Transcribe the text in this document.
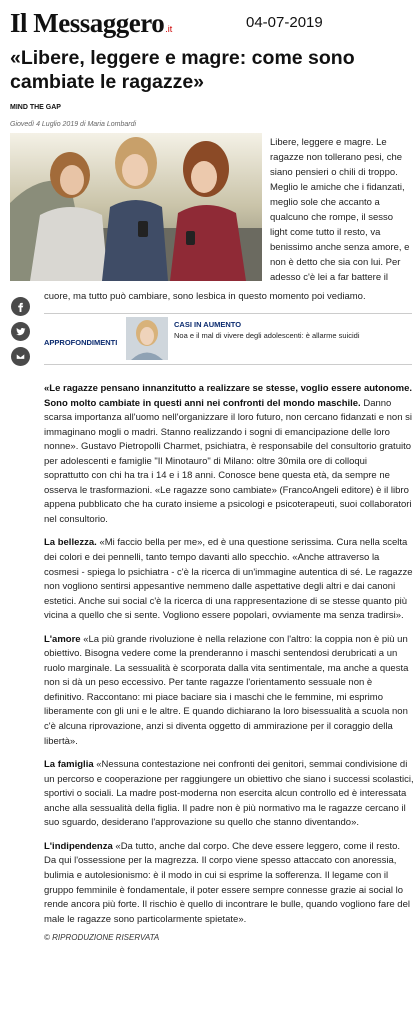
Il Messaggero .it	04-07-2019
«Libere, leggere e magre: come sono cambiate le ragazze»
MIND THE GAP
Giovedì 4 Luglio 2019 di Maria Lombardi

Libere, leggere e magre. Le ragazze non tollerano pesi, che siano pensieri o chili di troppo. Meglio le amiche che i fidanzati, meglio sole che accanto a qualcuno che rompe, il sesso light come tutto il resto, va benissimo anche senza amore, e non è detto che sia con lui. Per adesso c'è lei a far battere il

cuore, ma tutto può cambiare, sono lesbica in questo momento poi vediamo.

APPROFONDIMENTI
CASI IN AUMENTO
Noa e il mal di vivere degli adolescenti: è allarme suicidi

«Le ragazze pensano innanzitutto a realizzare se stesse, voglio essere autonome. Sono molto cambiate in questi anni nei confronti del mondo maschile. Danno scarsa importanza all'uomo nell'organizzare il loro futuro, non cercano fidanzati e non si immaginano mogli o madri. Stanno realizzando i sogni di emancipazione delle loro nonne». Gustavo Pietropolli Charmet, psichiatra, è responsabile del consultorio gratuito per adolescenti e famiglie "Il Minotauro" di Milano: oltre 30mila ore di colloqui soprattutto con chi ha tra i 14 e i 18 anni. Conosce bene questa età, da sempre ne osserva le trasformazioni. «Le ragazze sono cambiate» (FrancoAngeli editore) è il libro appena pubblicato che ha curato insieme a psicologi e psicoterapeuti, suoi collaboratori nel consultorio.

La bellezza. «Mi faccio bella per me», ed è una questione serissima. Cura nella scelta dei colori e dei pennelli, tanto tempo davanti allo specchio. «Anche attraverso la cosmesi - spiega lo psichiatra - c'è la ricerca di un'immagine autentica di sé. Le ragazze non vogliono sentirsi appesantive nemmeno dalle aspettative degli altri e dai canoni estetici. Anche sui social c'è la ricerca di una rappresentazione di se stesse quanto più vicina a quello che si sente. Vogliono essere popolari, ovviamente ma senza tradirsi».

L'amore «La più grande rivoluzione è nella relazione con l'altro: la coppia non è più un obiettivo. Bisogna vedere come la prenderanno i maschi sentendosi derubricati a un ruolo marginale. La sessualità è scorporata dalla vita sentimentale, ma anche a questa non si dà un peso eccessivo. Per tante ragazze l'orientamento sessuale non è definitivo. Raccontano: mi piace baciare sia i maschi che le femmine, mi esprimo liberamente con gli uni e le altre. E quando dichiarano la loro bisessualità a scuola non c'è alcuna riprovazione, anzi si diventa oggetto di ammirazione per il coraggio della libertà».

La famiglia «Nessuna contestazione nei confronti dei genitori, semmai condivisione di un percorso e cooperazione per raggiungere un obiettivo che siano i successi scolastici, sportivi o sociali. La madre post-moderna non esercita alcun controllo ed è interessata anche alla sessualità della figlia. Il padre non è più normativo ma le ragazze cercano il suo sguardo, desiderano l'approvazione su quello che stanno diventando».

L'indipendenza «Da tutto, anche dal corpo. Che deve essere leggero, come il resto. Da qui l'ossessione per la magrezza. Il corpo viene spesso attaccato con anoressia, bulimia e autolesionismo: è il modo in cui si esprime la sofferenza. Il legame con il gruppo femminile è fondamentale, il poter essere sempre connesse grazie ai social lo rende ancora più forte. Il rischio è quello di incontrare le bulle, quando vogliono fare del male le ragazze sono particolarmente spietate».

© RIPRODUZIONE RISERVATA
